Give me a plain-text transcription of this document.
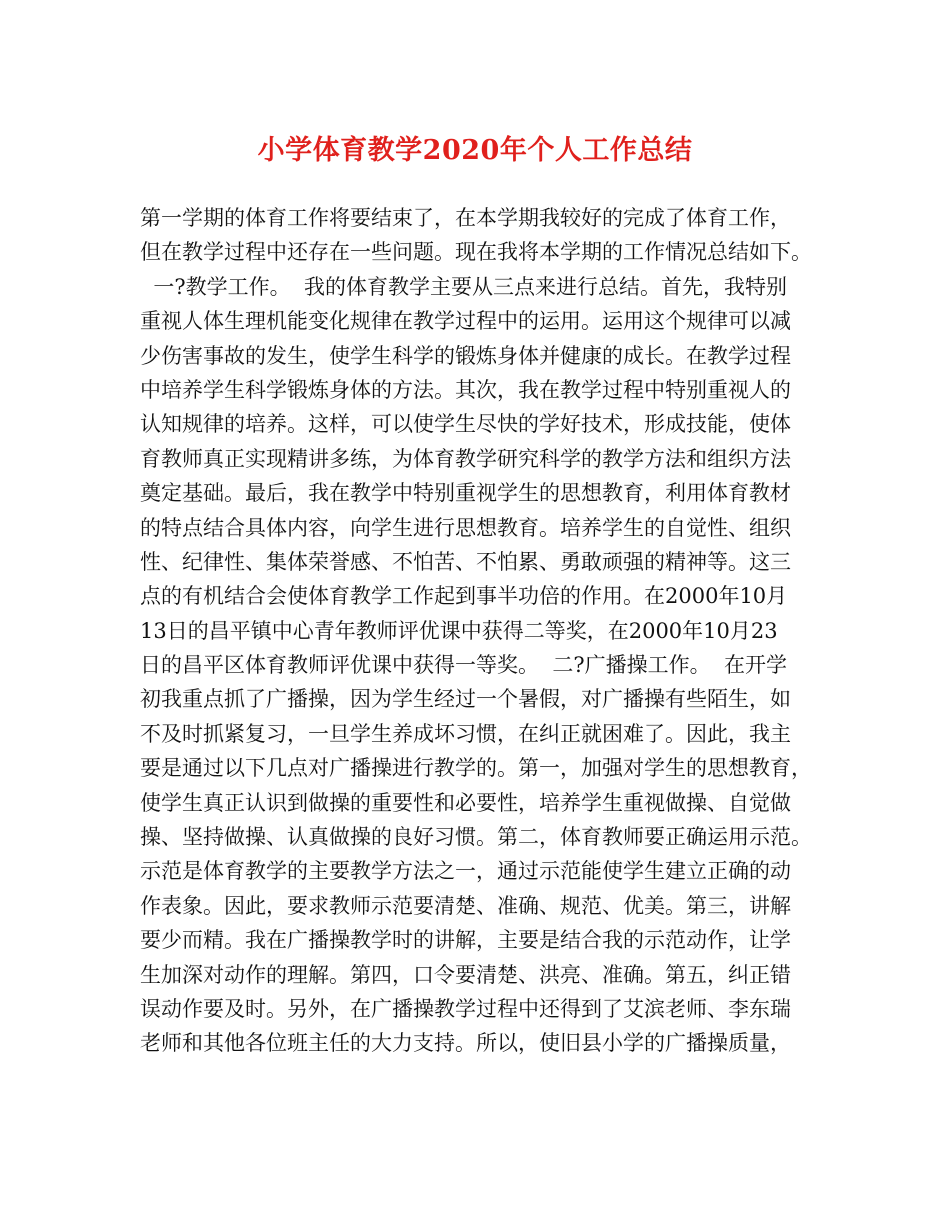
小学体育教学2020年个人工作总结
第一学期的体育工作将要结束了，在本学期我较好的完成了体育工作，
但在教学过程中还存在一些问题。现在我将本学期的工作情况总结如下。
一?教学工作。  我的体育教学主要从三点来进行总结。首先，我特别
重视人体生理机能变化规律在教学过程中的运用。运用这个规律可以减
少伤害事故的发生，使学生科学的锻炼身体并健康的成长。在教学过程
中培养学生科学锻炼身体的方法。其次，我在教学过程中特别重视人的
认知规律的培养。这样，可以使学生尽快的学好技术，形成技能，使体
育教师真正实现精讲多练，为体育教学研究科学的教学方法和组织方法
奠定基础。最后，我在教学中特别重视学生的思想教育，利用体育教材
的特点结合具体内容，向学生进行思想教育。培养学生的自觉性、组织
性、纪律性、集体荣誉感、不怕苦、不怕累、勇敢顽强的精神等。这三
点的有机结合会使体育教学工作起到事半功倍的作用。在2000年10月
13日的昌平镇中心青年教师评优课中获得二等奖，在2000年10月23
日的昌平区体育教师评优课中获得一等奖。  二?广播操工作。  在开学
初我重点抓了广播操，因为学生经过一个暑假，对广播操有些陌生，如
不及时抓紧复习，一旦学生养成坏习惯，在纠正就困难了。因此，我主
要是通过以下几点对广播操进行教学的。第一，加强对学生的思想教育，
使学生真正认识到做操的重要性和必要性，培养学生重视做操、自觉做
操、坚持做操、认真做操的良好习惯。第二，体育教师要正确运用示范。
示范是体育教学的主要教学方法之一，通过示范能使学生建立正确的动
作表象。因此，要求教师示范要清楚、准确、规范、优美。第三，讲解
要少而精。我在广播操教学时的讲解，主要是结合我的示范动作，让学
生加深对动作的理解。第四，口令要清楚、洪亮、准确。第五，纠正错
误动作要及时。另外，在广播操教学过程中还得到了艾滨老师、李东瑞
老师和其他各位班主任的大力支持。所以，使旧县小学的广播操质量，
